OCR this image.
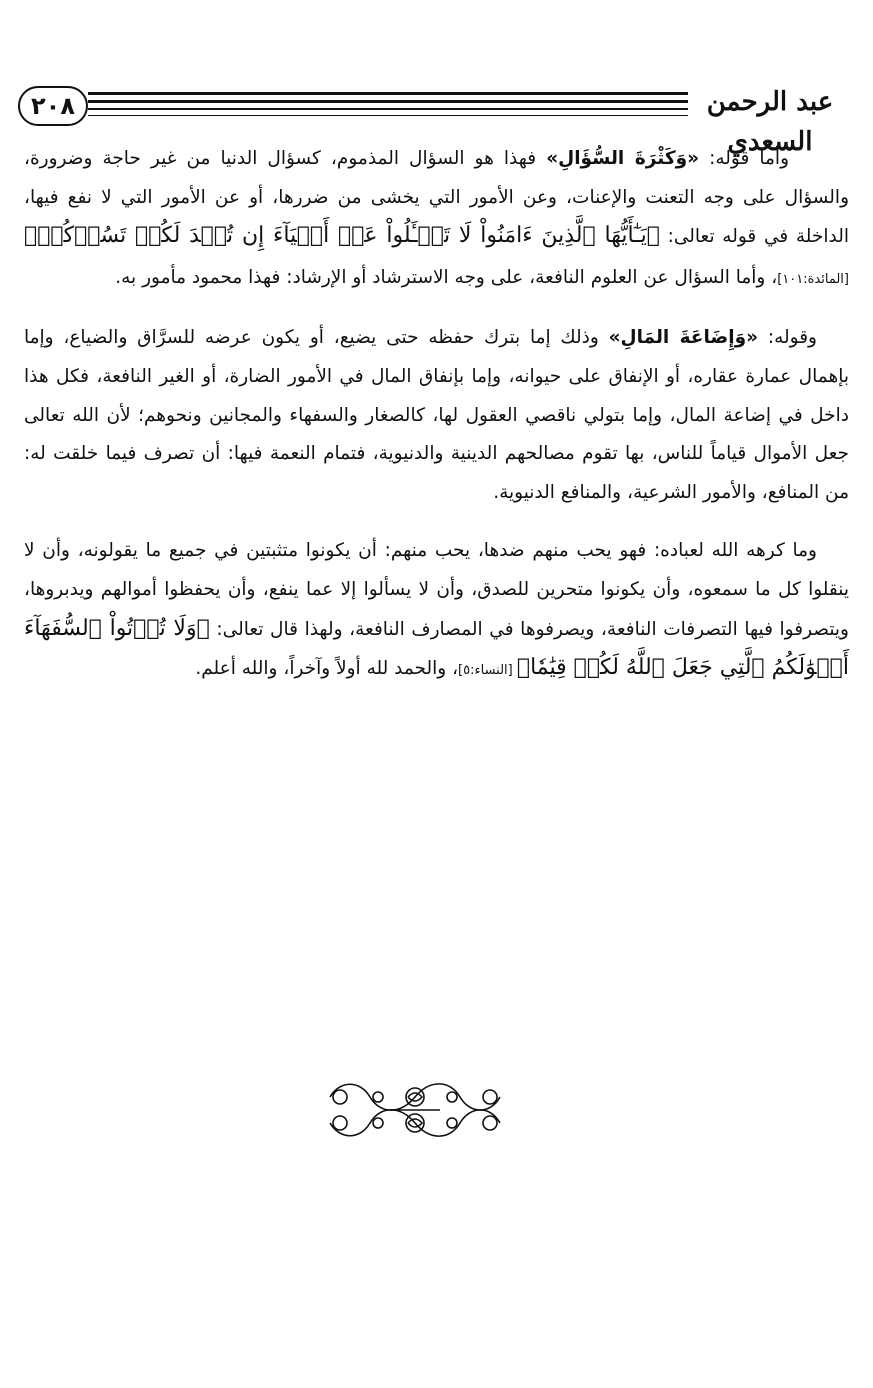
٢٠٨	عبد الرحمن السعدي

وأما قوله: «وَكَثْرَةَ السُّؤَالِ» فهذا هو السؤال المذموم، كسؤال الدنيا من غير حاجة وضرورة، والسؤال على وجه التعنت والإعنات، وعن الأمور التي يخشى من ضررها، أو عن الأمور التي لا نفع فيها، الداخلة في قوله تعالى: ﴿يَـٰٓأَيُّهَا ٱلَّذِينَ ءَامَنُواْ لَا تَسۡـَٔلُواْ عَنۡ أَشۡيَآءَ إِن تُبۡدَ لَكُمۡ تَسُؤۡكُمۡ﴾ [المائدة:١٠١]، وأما السؤال عن العلوم النافعة، على وجه الاسترشاد أو الإرشاد: فهذا محمود مأمور به.

وقوله: «وَإِضَاعَةَ المَالِ» وذلك إما بترك حفظه حتى يضيع، أو يكون عرضه للسرَّاق والضياع، وإما بإهمال عمارة عقاره، أو الإنفاق على حيوانه، وإما بإنفاق المال في الأمور الضارة، أو الغير النافعة، فكل هذا داخل في إضاعة المال، وإما بتولي ناقصي العقول لها، كالصغار والسفهاء والمجانين ونحوهم؛ لأن الله تعالى جعل الأموال قياماً للناس، بها تقوم مصالحهم الدينية والدنيوية، فتمام النعمة فيها: أن تصرف فيما خلقت له: من المنافع، والأمور الشرعية، والمنافع الدنيوية.

وما كرهه الله لعباده: فهو يحب منهم ضدها، يحب منهم: أن يكونوا متثبتين في جميع ما يقولونه، وأن لا ينقلوا كل ما سمعوه، وأن يكونوا متحرين للصدق، وأن لا يسألوا إلا عما ينفع، وأن يحفظوا أموالهم ويدبروها، ويتصرفوا فيها التصرفات النافعة، ويصرفوها في المصارف النافعة، ولهذا قال تعالى: ﴿وَلَا تُؤۡتُواْ ٱلسُّفَهَآءَ أَمۡوَٰلَكُمُ ٱلَّتِي جَعَلَ ٱللَّهُ لَكُمۡ قِيَٰمٗا﴾ [النساء:٥]، والحمد لله أولاً وآخراً، والله أعلم.
